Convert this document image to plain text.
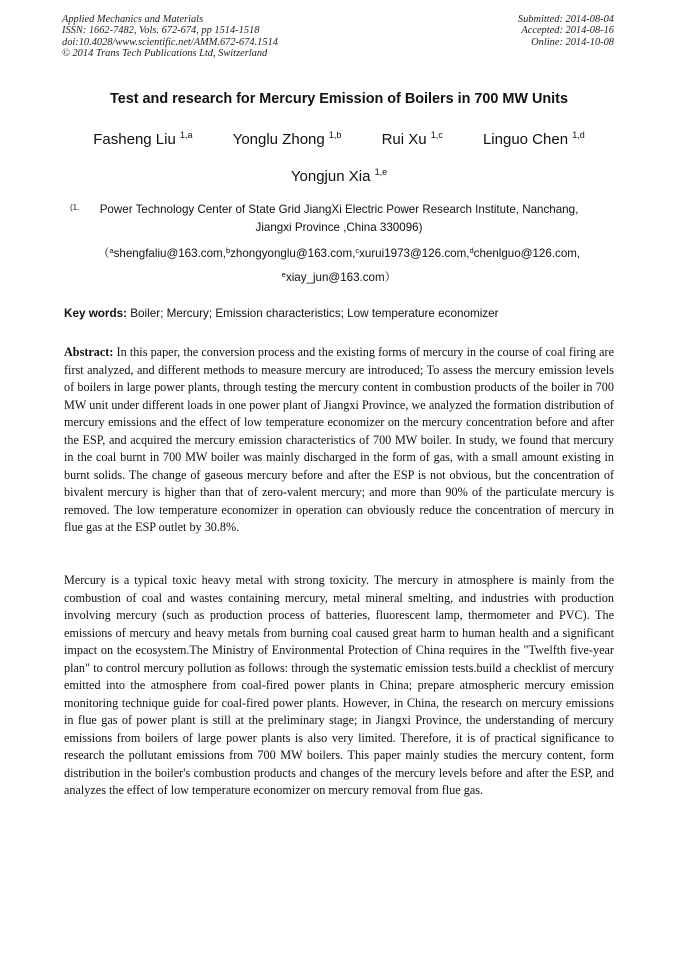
Applied Mechanics and Materials
ISSN: 1662-7482, Vols. 672-674, pp 1514-1518
doi:10.4028/www.scientific.net/AMM.672-674.1514
© 2014 Trans Tech Publications Ltd, Switzerland
Submitted: 2014-08-04
Accepted: 2014-08-16
Online: 2014-10-08
Test and research for Mercury Emission of Boilers in 700 MW Units
Fasheng Liu $^{1,a}$	Yonglu Zhong $^{1,b}$	Rui Xu $^{1,c}$	Linguo Chen $^{1,d}$
Yongjun Xia $^{1,e}$
(1.	Power Technology Center of State Grid JiangXi Electric Power Research Institute, Nanchang,
Jiangxi Province ,China 330096)
（$^a$shengfaliu@163.com,$^b$zhongyonglu@163.com,$^c$xurui1973@126.com,$^d$chenlguo@126.com,
$^e$xiay_jun@163.com）
Key words: Boiler; Mercury; Emission characteristics; Low temperature economizer

Abstract: In this paper, the conversion process and the existing forms of mercury in the course of coal firing are first analyzed, and different methods to measure mercury are introduced; To assess the mercury emission levels of boilers in large power plants, through testing the mercury content in combustion products of the boiler in 700 MW unit under different loads in one power plant of Jiangxi Province, we analyzed the formation distribution of mercury emissions and the effect of low temperature economizer on the mercury concentration before and after the ESP, and acquired the mercury emission characteristics of 700 MW boiler. In study, we found that mercury in the coal burnt in 700 MW boiler was mainly discharged in the form of gas, with a small amount existing in burnt solids. The change of gaseous mercury before and after the ESP is not obvious, but the concentration of bivalent mercury is higher than that of zero-valent mercury; and more than 90% of the particulate mercury is removed. The low temperature economizer in operation can obviously reduce the concentration of mercury in flue gas at the ESP outlet by 30.8%.

Mercury is a typical toxic heavy metal with strong toxicity. The mercury in atmosphere is mainly from the combustion of coal and wastes containing mercury, metal mineral smelting, and industries with production involving mercury (such as production process of batteries, fluorescent lamp, thermometer and PVC). The emissions of mercury and heavy metals from burning coal caused great harm to human health and a significant impact on the ecosystem.The Ministry of Environmental Protection of China requires in the "Twelfth five-year plan" to control mercury pollution as follows: through the systematic emission tests.build a checklist of mercury emitted into the atmosphere from coal-fired power plants in China; prepare atmospheric mercury emission monitoring technique guide for coal-fired power plants. However, in China, the research on mercury emissions in flue gas of power plant is still at the preliminary stage; in Jiangxi Province, the understanding of mercury emissions from boilers of large power plants is also very limited. Therefore, it is of practical significance to research the pollutant emissions from 700 MW boilers. This paper mainly studies the mercury content, form distribution in the boiler's combustion products and changes of the mercury levels before and after the ESP, and analyzes the effect of low temperature economizer on mercury removal from flue gas.
